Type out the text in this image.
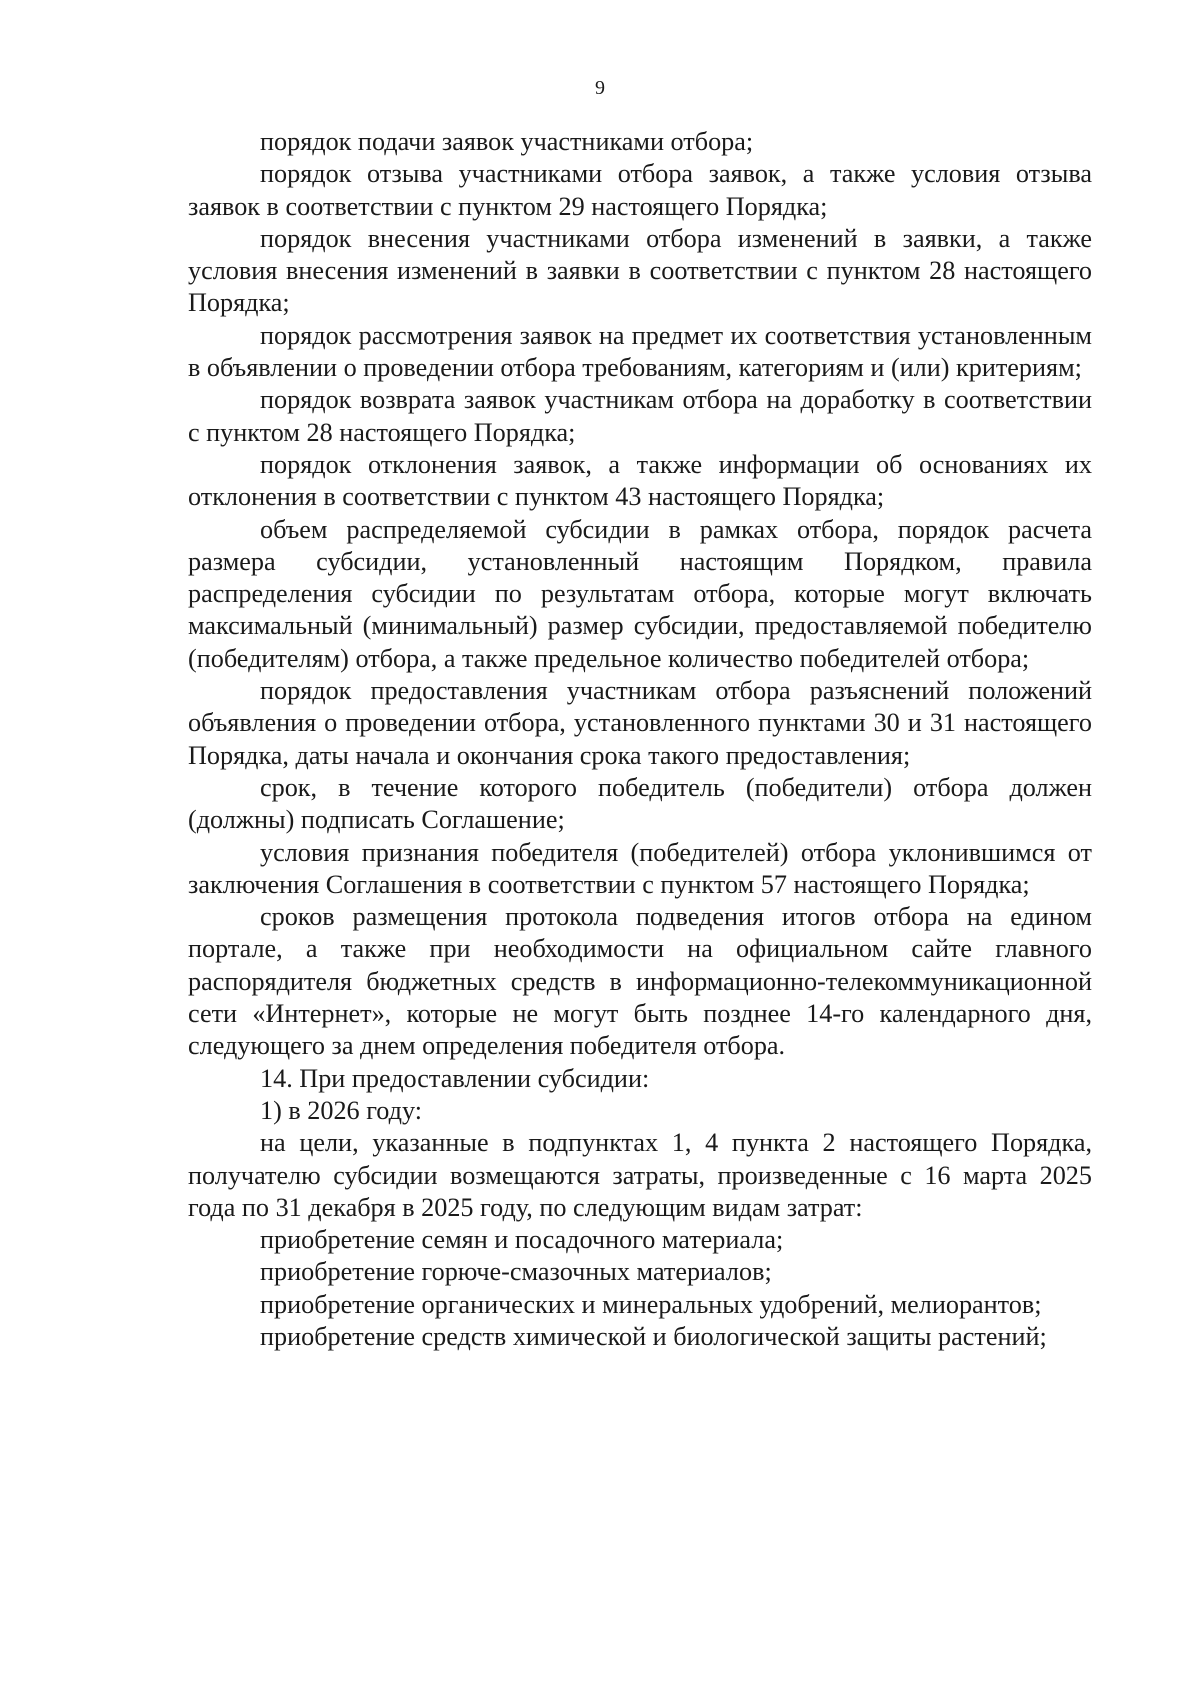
9

порядок подачи заявок участниками отбора;

порядок отзыва участниками отбора заявок, а также условия отзыва заявок в соответствии с пунктом 29 настоящего Порядка;

порядок внесения участниками отбора изменений в заявки, а также условия внесения изменений в заявки в соответствии с пунктом 28 настоящего Порядка;

порядок рассмотрения заявок на предмет их соответствия установленным в объявлении о проведении отбора требованиям, категориям и (или) критериям;

порядок возврата заявок участникам отбора на доработку в соответствии с пунктом 28 настоящего Порядка;

порядок отклонения заявок, а также информации об основаниях их отклонения в соответствии с пунктом 43 настоящего Порядка;

объем распределяемой субсидии в рамках отбора, порядок расчета размера субсидии, установленный настоящим Порядком, правила распределения субсидии по результатам отбора, которые могут включать максимальный (минимальный) размер субсидии, предоставляемой победителю (победителям) отбора, а также предельное количество победителей отбора;

порядок предоставления участникам отбора разъяснений положений объявления о проведении отбора, установленного пунктами 30 и 31 настоящего Порядка, даты начала и окончания срока такого предоставления;

срок, в течение которого победитель (победители) отбора должен (должны) подписать Соглашение;

условия признания победителя (победителей) отбора уклонившимся от заключения Соглашения в соответствии с пунктом 57 настоящего Порядка;

сроков размещения протокола подведения итогов отбора на едином портале, а также при необходимости на официальном сайте главного распорядителя бюджетных средств в информационно-телекоммуникационной сети «Интернет», которые не могут быть позднее 14-го календарного дня, следующего за днем определения победителя отбора.

14. При предоставлении субсидии:

1) в 2026 году:

на цели, указанные в подпунктах 1, 4 пункта 2 настоящего Порядка, получателю субсидии возмещаются затраты, произведенные с 16 марта 2025 года по 31 декабря в 2025 году, по следующим видам затрат:

приобретение семян и посадочного материала;

приобретение горюче-смазочных материалов;

приобретение органических и минеральных удобрений, мелиорантов;

приобретение средств химической и биологической защиты растений;
